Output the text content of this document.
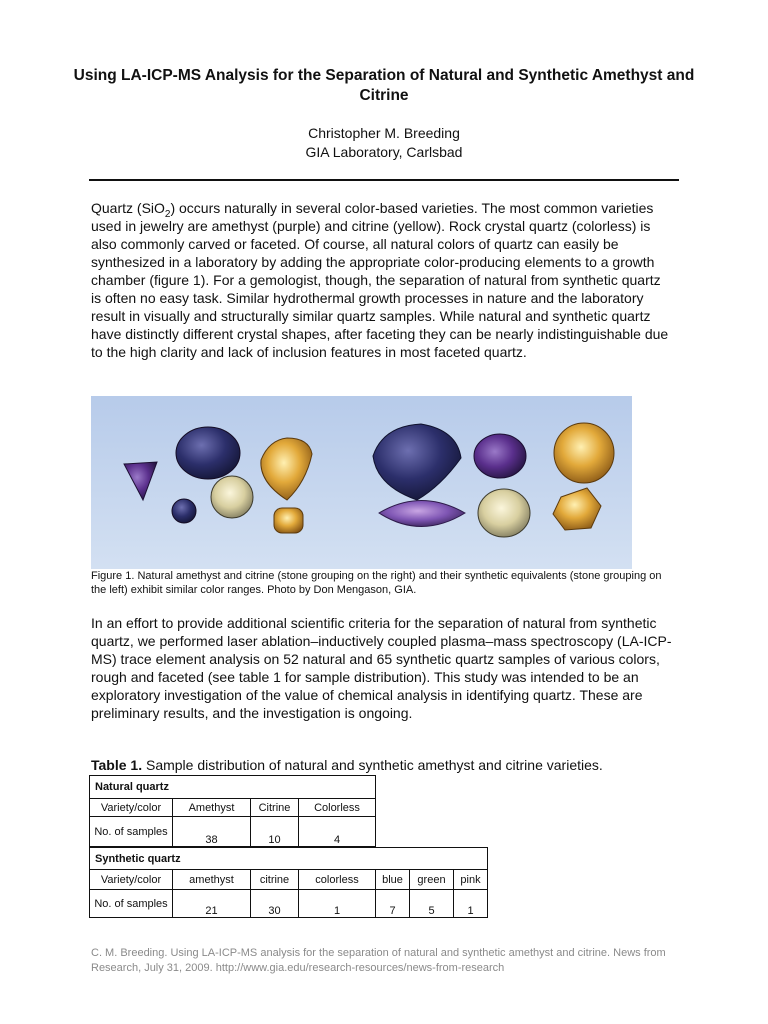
Using LA-ICP-MS Analysis for the Separation of Natural and Synthetic Amethyst and Citrine
Christopher M. Breeding
GIA Laboratory, Carlsbad

Quartz (SiO$_2$) occurs naturally in several color-based varieties. The most common varieties used in jewelry are amethyst (purple) and citrine (yellow). Rock crystal quartz (colorless) is also commonly carved or faceted. Of course, all natural colors of quartz can easily be synthesized in a laboratory by adding the appropriate color-producing elements to a growth chamber (figure 1). For a gemologist, though, the separation of natural from synthetic quartz is often no easy task. Similar hydrothermal growth processes in nature and the laboratory result in visually and structurally similar quartz samples. While natural and synthetic quartz have distinctly different crystal shapes, after faceting they can be nearly indistinguishable due to the high clarity and lack of inclusion features in most faceted quartz.

Figure 1. Natural amethyst and citrine (stone grouping on the right) and their synthetic equivalents (stone grouping on the left) exhibit similar color ranges. Photo by Don Mengason, GIA.

In an effort to provide additional scientific criteria for the separation of natural from synthetic quartz, we performed laser ablation–inductively coupled plasma–mass spectroscopy (LA-ICP-MS) trace element analysis on 52 natural and 65 synthetic quartz samples of various colors, rough and faceted (see table 1 for sample distribution). This study was intended to be an exploratory investigation of the value of chemical analysis in identifying quartz. These are preliminary results, and the investigation is ongoing.

Table 1. Sample distribution of natural and synthetic amethyst and citrine varieties.
Natural quartz			
Variety/color	Amethyst	Citrine	Colorless
No. of samples	38	10	4
Synthetic quartz						
Variety/color	amethyst	citrine	colorless	blue	green	pink
No. of samples	21	30	1	7	5	1

C. M. Breeding. Using LA-ICP-MS analysis for the separation of natural and synthetic amethyst and citrine. News from Research, July 31, 2009. http://www.gia.edu/research-resources/news-from-research
